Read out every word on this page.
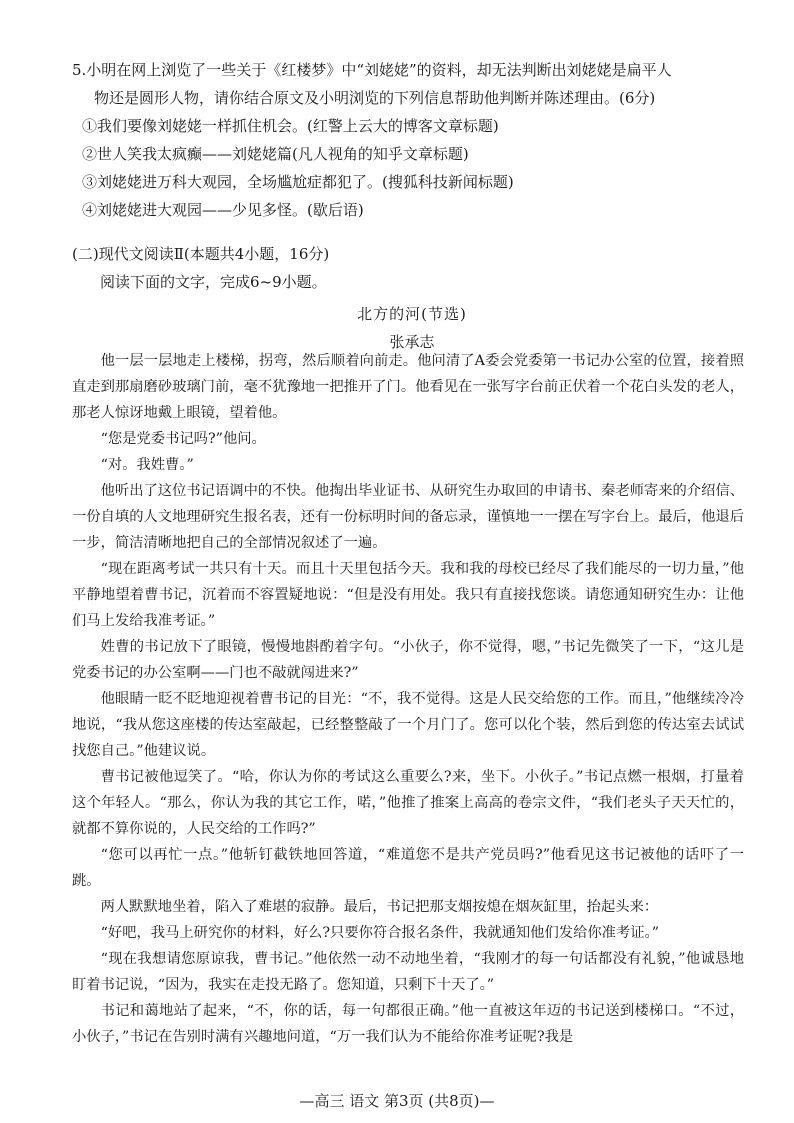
5.小明在网上浏览了一些关于《红楼梦》中“刘姥姥”的资料，却无法判断出刘姥姥是扁平人
物还是圆形人物，请你结合原文及小明浏览的下列信息帮助他判断并陈述理由。(6分)
①我们要像刘姥姥一样抓住机会。(红警上云大的博客文章标题)
②世人笑我太疯癫——刘姥姥篇(凡人视角的知乎文章标题)
③刘姥姥进万科大观园，全场尴尬症都犯了。(搜狐科技新闻标题)
④刘姥姥进大观园——少见多怪。(歇后语)
(二)现代文阅读Ⅱ(本题共4小题，16分)
阅读下面的文字，完成6~9小题。
北方的河(节选)
张承志

他一层一层地走上楼梯，拐弯，然后顺着向前走。他问清了A委会党委第一书记办公室的位置，接着照直走到那扇磨砂玻璃门前，毫不犹豫地一把推开了门。他看见在一张写字台前正伏着一个花白头发的老人，那老人惊讶地戴上眼镜，望着他。

“您是党委书记吗?”他问。

“对。我姓曹。”

他听出了这位书记语调中的不快。他掏出毕业证书、从研究生办取回的申请书、秦老师寄来的介绍信、一份自填的人文地理研究生报名表，还有一份标明时间的备忘录，谨慎地一一摆在写字台上。最后，他退后一步，简洁清晰地把自己的全部情况叙述了一遍。

“现在距离考试一共只有十天。而且十天里包括今天。我和我的母校已经尽了我们能尽的一切力量，”他平静地望着曹书记，沉着而不容置疑地说：“但是没有用处。我只有直接找您谈。请您通知研究生办：让他们马上发给我准考证。”

姓曹的书记放下了眼镜，慢慢地斟酌着字句。“小伙子，你不觉得，嗯，”书记先微笑了一下，“这儿是党委书记的办公室啊——门也不敲就闯进来?”

他眼睛一眨不眨地迎视着曹书记的目光：“不，我不觉得。这是人民交给您的工作。而且，”他继续冷冷地说，“我从您这座楼的传达室敲起，已经整整敲了一个月门了。您可以化个装，然后到您的传达室去试试找您自己。”他建议说。

曹书记被他逗笑了。“哈，你认为你的考试这么重要么?来，坐下。小伙子。”书记点燃一根烟，打量着这个年轻人。“那么，你认为我的其它工作，喏，”他推了推案上高高的卷宗文件，“我们老头子天天忙的，就都不算你说的，人民交给的工作吗?”

“您可以再忙一点。”他斩钉截铁地回答道，“难道您不是共产党员吗?”他看见这书记被他的话吓了一跳。

两人默默地坐着，陷入了难堪的寂静。最后，书记把那支烟按熄在烟灰缸里，抬起头来：

“好吧，我马上研究你的材料，好么?只要你符合报名条件，我就通知他们发给你准考证。”

“现在我想请您原谅我，曹书记。”他依然一动不动地坐着，“我刚才的每一句话都没有礼貌，”他诚恳地盯着书记说，“因为，我实在走投无路了。您知道，只剩下十天了。”

书记和蔼地站了起来，“不，你的话，每一句都很正确。”他一直被这年迈的书记送到楼梯口。“不过，小伙子，”书记在告别时满有兴趣地问道，“万一我们认为不能给你准考证呢?我是

—高三 语文 第3页 (共8页)—
